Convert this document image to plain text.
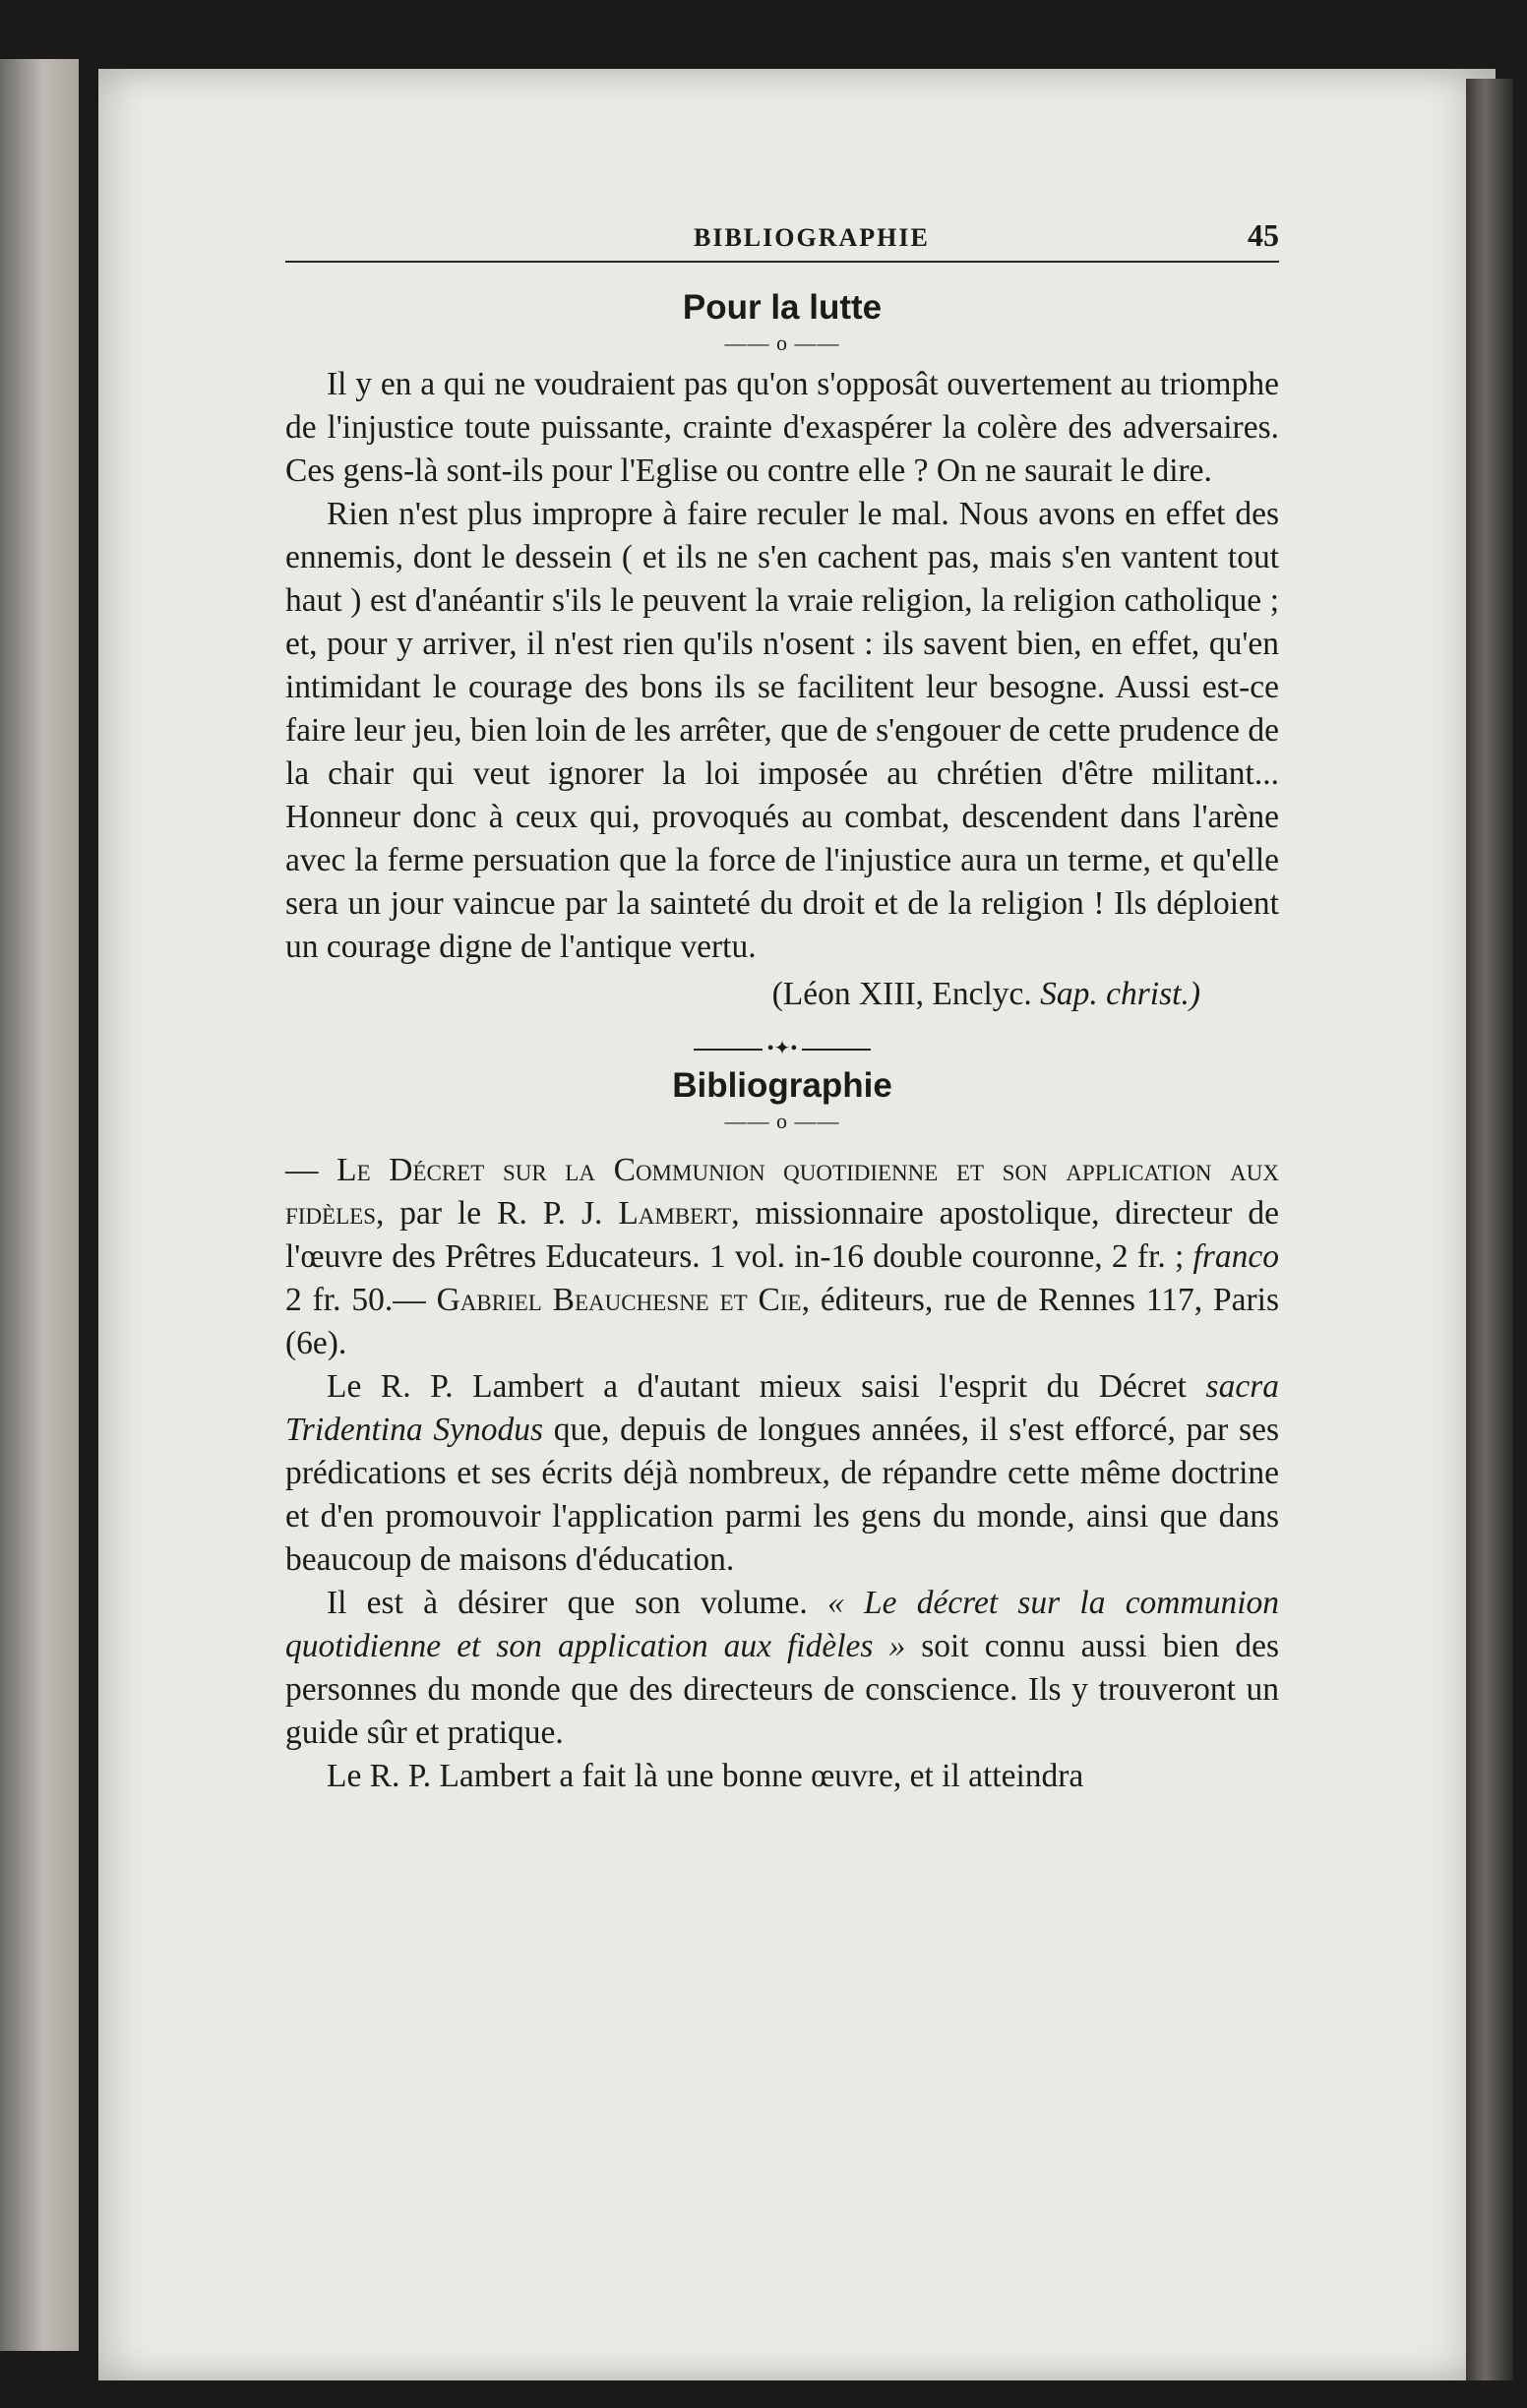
BIBLIOGRAPHIE	45
Pour la lutte
—— o ——

Il y en a qui ne voudraient pas qu'on s'opposât ouvertement au triomphe de l'injustice toute puissante, crainte d'exaspérer la colère des adversaires. Ces gens-là sont-ils pour l'Eglise ou contre elle ? On ne saurait le dire.

Rien n'est plus impropre à faire reculer le mal. Nous avons en effet des ennemis, dont le dessein ( et ils ne s'en cachent pas, mais s'en vantent tout haut ) est d'anéantir s'ils le peuvent la vraie religion, la religion catholique ; et, pour y arriver, il n'est rien qu'ils n'osent : ils savent bien, en effet, qu'en intimidant le courage des bons ils se facilitent leur besogne. Aussi est-ce faire leur jeu, bien loin de les arrêter, que de s'engouer de cette prudence de la chair qui veut ignorer la loi imposée au chrétien d'être militant... Honneur donc à ceux qui, provoqués au combat, descendent dans l'arène avec la ferme persuation que la force de l'injustice aura un terme, et qu'elle sera un jour vaincue par la sainteté du droit et de la religion ! Ils déploient un courage digne de l'antique vertu.

(Léon XIII, Enclyc. Sap. christ.)
•✦•
Bibliographie
—— o ——

— Le Décret sur la Communion quotidienne et son application aux fidèles, par le R. P. J. Lambert, missionnaire apostolique, directeur de l'œuvre des Prêtres Educateurs. 1 vol. in-16 double couronne, 2 fr. ; franco 2 fr. 50.— Gabriel Beauchesne et Cie, éditeurs, rue de Rennes 117, Paris (6e).

Le R. P. Lambert a d'autant mieux saisi l'esprit du Décret sacra Tridentina Synodus que, depuis de longues années, il s'est efforcé, par ses prédications et ses écrits déjà nombreux, de répandre cette même doctrine et d'en promouvoir l'application parmi les gens du monde, ainsi que dans beaucoup de maisons d'éducation.

Il est à désirer que son volume. « Le décret sur la communion quotidienne et son application aux fidèles » soit connu aussi bien des personnes du monde que des directeurs de conscience. Ils y trouveront un guide sûr et pratique.

Le R. P. Lambert a fait là une bonne œuvre, et il atteindra
